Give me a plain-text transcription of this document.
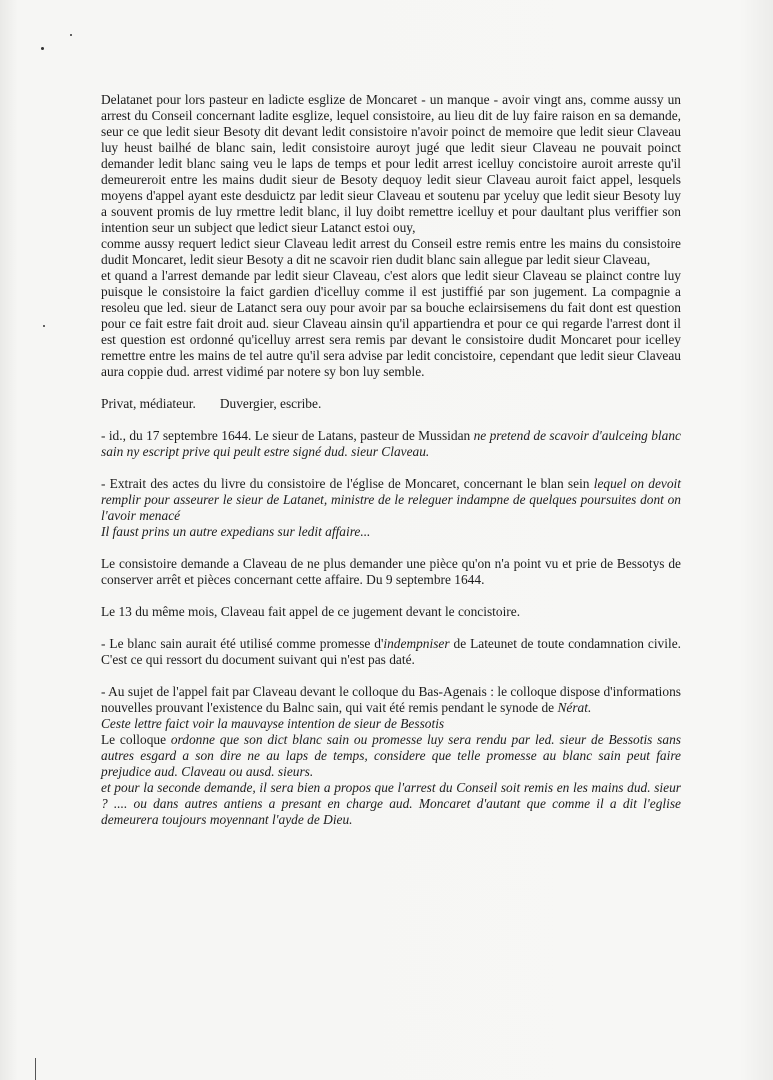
Delatanet pour lors pasteur en ladicte esglize de Moncaret - un manque - avoir vingt ans, comme aussy un arrest du Conseil concernant ladite esglize, lequel consistoire, au lieu dit de luy faire raison en sa demande, seur ce que ledit sieur Besoty dit devant ledit consistoire n'avoir poinct de memoire que ledit sieur Claveau luy heust bailhé de blanc sain, ledit consistoire auroyt jugé que ledit sieur Claveau ne pouvait poinct demander ledit blanc saing veu le laps de temps et pour ledit arrest icelluy concistoire auroit arreste qu'il demeureroit entre les mains dudit sieur de Besoty dequoy ledit sieur Claveau auroit faict appel, lesquels moyens d'appel ayant este desduictz par ledit sieur Claveau et soutenu par yceluy que ledit sieur Besoty luy a souvent promis de luy rmettre ledit blanc, il luy doibt remettre icelluy et pour daultant plus veriffier son intention seur un subject que ledict sieur Latanct estoi ouy,

comme aussy requert ledict sieur Claveau ledit arrest du Conseil estre remis entre les mains du consistoire dudit Moncaret, ledit sieur Besoty a dit ne scavoir rien dudit blanc sain allegue par ledit sieur Claveau,

et quand a l'arrest demande par ledit sieur Claveau, c'est alors que ledit sieur Claveau se plainct contre luy puisque le consistoire la faict gardien d'icelluy comme il est justiffié par son jugement. La compagnie a resoleu que led. sieur de Latanct sera ouy pour avoir par sa bouche eclairsisemens du fait dont est question pour ce fait estre fait droit aud. sieur Claveau ainsin qu'il appartiendra et pour ce qui regarde l'arrest dont il est question est ordonné qu'icelluy arrest sera remis par devant le consistoire dudit Moncaret pour icelley remettre entre les mains de tel autre qu'il sera advise par ledit concistoire, cependant que ledit sieur Claveau aura coppie dud. arrest vidimé par notere sy bon luy semble.

Privat, médiateur. Duvergier, escribe.

- id., du 17 septembre 1644. Le sieur de Latans, pasteur de Mussidan ne pretend de scavoir d'aulceing blanc sain ny escript prive qui peult estre signé dud. sieur Claveau.

- Extrait des actes du livre du consistoire de l'église de Moncaret, concernant le blan sein lequel on devoit remplir pour asseurer le sieur de Latanet, ministre de le releguer indampne de quelques poursuites dont on l'avoir menacé

Il faust prins un autre expedians sur ledit affaire...

Le consistoire demande a Claveau de ne plus demander une pièce qu'on n'a point vu et prie de Bessotys de conserver arrêt et pièces concernant cette affaire. Du 9 septembre 1644.

Le 13 du même mois, Claveau fait appel de ce jugement devant le concistoire.

- Le blanc sain aurait été utilisé comme promesse d'indempniser de Lateunet de toute condamnation civile. C'est ce qui ressort du document suivant qui n'est pas daté.

- Au sujet de l'appel fait par Claveau devant le colloque du Bas-Agenais : le colloque dispose d'informations nouvelles prouvant l'existence du Balnc sain, qui vait été remis pendant le synode de Nérat.

Ceste lettre faict voir la mauvayse intention de sieur de Bessotis

Le colloque ordonne que son dict blanc sain ou promesse luy sera rendu par led. sieur de Bessotis sans autres esgard a son dire ne au laps de temps, considere que telle promesse au blanc sain peut faire prejudice aud. Claveau ou ausd. sieurs.

et pour la seconde demande, il sera bien a propos que l'arrest du Conseil soit remis en les mains dud. sieur ? .... ou dans autres antiens a presant en charge aud. Moncaret d'autant que comme il a dit l'eglise demeurera toujours moyennant l'ayde de Dieu.
